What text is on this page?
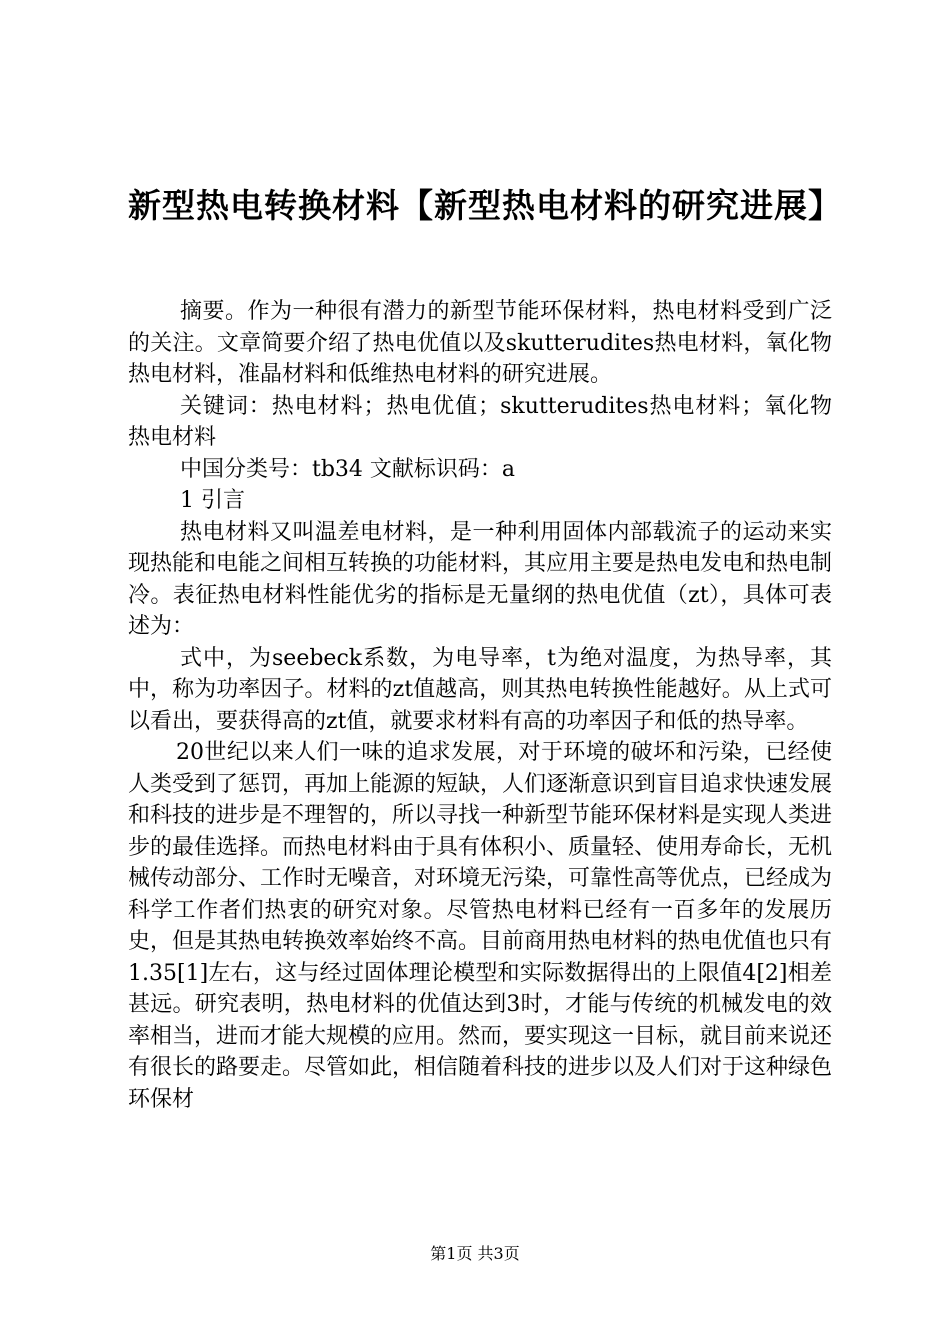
新型热电转换材料【新型热电材料的研究进展】

摘要。作为一种很有潜力的新型节能环保材料，热电材料受到广泛的关注。文章简要介绍了热电优值以及skutterudites热电材料，氧化物热电材料，准晶材料和低维热电材料的研究进展。

关键词：热电材料；热电优值；skutterudites热电材料；氧化物热电材料

中国分类号：tb34 文献标识码：a

1 引言

热电材料又叫温差电材料，是一种利用固体内部载流子的运动来实现热能和电能之间相互转换的功能材料，其应用主要是热电发电和热电制冷。表征热电材料性能优劣的指标是无量纲的热电优值（zt），具体可表述为：

式中，为seebeck系数，为电导率，t为绝对温度，为热导率，其中，称为功率因子。材料的zt值越高，则其热电转换性能越好。从上式可以看出，要获得高的zt值，就要求材料有高的功率因子和低的热导率。

20世纪以来人们一味的追求发展，对于环境的破坏和污染，已经使人类受到了惩罚，再加上能源的短缺，人们逐渐意识到盲目追求快速发展和科技的进步是不理智的，所以寻找一种新型节能环保材料是实现人类进步的最佳选择。而热电材料由于具有体积小、质量轻、使用寿命长，无机械传动部分、工作时无噪音，对环境无污染，可靠性高等优点，已经成为科学工作者们热衷的研究对象。尽管热电材料已经有一百多年的发展历史，但是其热电转换效率始终不高。目前商用热电材料的热电优值也只有1.35[1]左右，这与经过固体理论模型和实际数据得出的上限值4[2]相差甚远。研究表明，热电材料的优值达到3时，才能与传统的机械发电的效率相当，进而才能大规模的应用。然而，要实现这一目标，就目前来说还有很长的路要走。尽管如此，相信随着科技的进步以及人们对于这种绿色环保材

第1页 共3页
